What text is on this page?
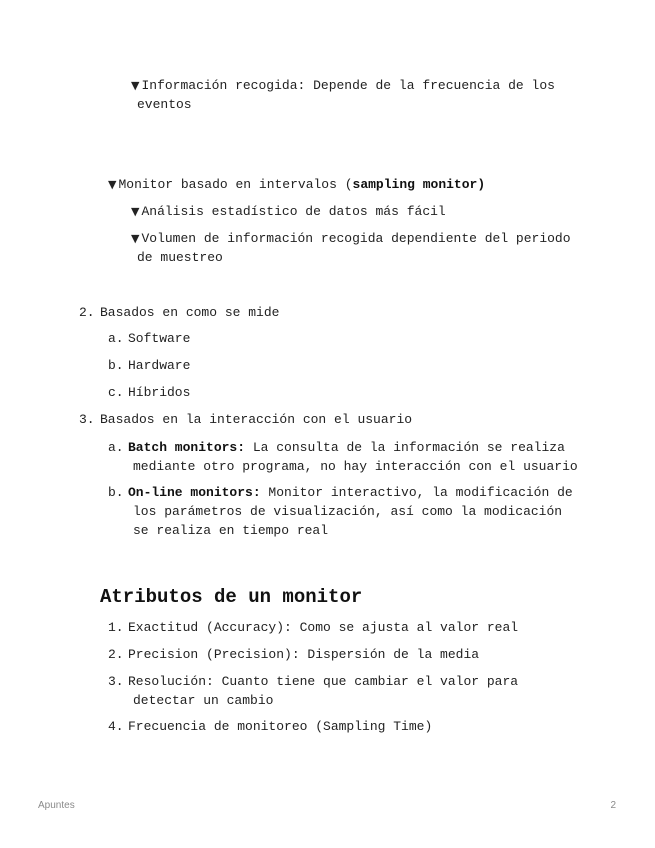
▼ Información recogida: Depende de la frecuencia de los
eventos
▼ Monitor basado en intervalos (sampling monitor)
▼ Análisis estadístico de datos más fácil
▼ Volumen de información recogida dependiente del periodo
de muestreo
2. Basados en como se mide
a. Software
b. Hardware
c. Híbridos
3. Basados en la interacción con el usuario
a. Batch monitors: La consulta de la información se realiza
mediante otro programa, no hay interacción con el usuario
b. On-line monitors: Monitor interactivo, la modificación de
los parámetros de visualización, así como la modicación
se realiza en tiempo real
Atributos de un monitor
1. Exactitud (Accuracy): Como se ajusta al valor real
2. Precision (Precision): Dispersión de la media
3. Resolución: Cuanto tiene que cambiar el valor para
detectar un cambio
4. Frecuencia de monitoreo (Sampling Time)
Apuntes	2
